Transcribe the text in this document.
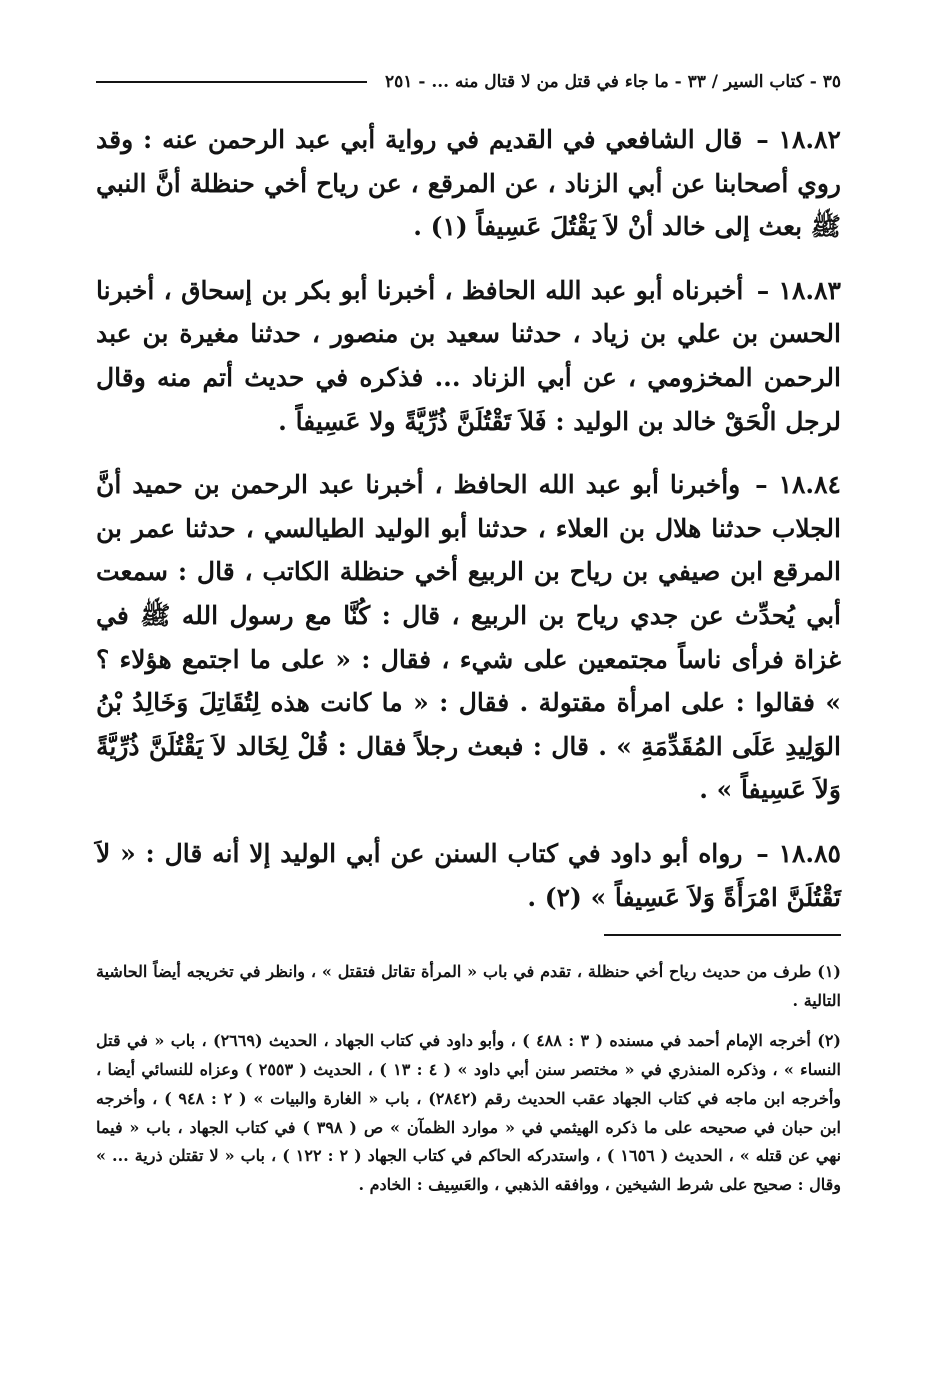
٣٥ - كتاب السير / ٣٣ - ما جاء في قتل من لا قتال منه ... - ٢٥١

١٨.٨٢ – قال الشافعي في القديم في رواية أبي عبد الرحمن عنه : وقد روي أصحابنا عن أبي الزناد ، عن المرقع ، عن رياح أخي حنظلة أنَّ النبي ﷺ بعث إلى خالد أنْ لاَ يَقْتُلَ عَسِيفاً (١) .

١٨.٨٣ – أخبرناه أبو عبد الله الحافظ ، أخبرنا أبو بكر بن إسحاق ، أخبرنا الحسن بن علي بن زياد ، حدثنا سعيد بن منصور ، حدثنا مغيرة بن عبد الرحمن المخزومي ، عن أبي الزناد ... فذكره في حديث أتم منه وقال لرجل الْحَقْ خالد بن الوليد : فَلاَ تَقْتُلَنَّ ذُرِّيَّةً ولا عَسِيفاً .

١٨.٨٤ – وأخبرنا أبو عبد الله الحافظ ، أخبرنا عبد الرحمن بن حميد أنَّ الجلاب حدثنا هلال بن العلاء ، حدثنا أبو الوليد الطيالسي ، حدثنا عمر بن المرقع ابن صيفي بن رياح بن الربيع أخي حنظلة الكاتب ، قال : سمعت أبي يُحدِّث عن جدي رياح بن الربيع ، قال : كُنَّا مع رسول الله ﷺ في غزاة فرأى ناساً مجتمعين على شيء ، فقال : « على ما اجتمع هؤلاء ؟ » فقالوا : على امرأة مقتولة . فقال : « ما كانت هذه لِتُقَاتِلَ وَخَالِدُ بْنُ الوَلِيدِ عَلَى المُقَدِّمَةِ » . قال : فبعث رجلاً فقال : قُلْ لِخَالد لاَ يَقْتُلَنَّ ذُرِّيَّةً وَلاَ عَسِيفاً » .

١٨.٨٥ – رواه أبو داود في كتاب السنن عن أبي الوليد إلا أنه قال : « لاَ تَقْتُلَنَّ امْرَأَةً وَلاَ عَسِيفاً » (٢) .

(١) طرف من حديث رياح أخي حنظلة ، تقدم في باب « المرأة تقاتل فتقتل » ، وانظر في تخريجه أيضاً الحاشية التالية .

(٢) أخرجه الإمام أحمد في مسنده ( ٣ : ٤٨٨ ) ، وأبو داود في كتاب الجهاد ، الحديث (٢٦٦٩) ، باب « في قتل النساء » ، وذكره المنذري في « مختصر سنن أبي داود » ( ٤ : ١٣ ) ، الحديث ( ٢٥٥٣ ) وعزاه للنسائي أيضا ، وأخرجه ابن ماجه في كتاب الجهاد عقب الحديث رقم (٢٨٤٢) ، باب « الغارة والبيات » ( ٢ : ٩٤٨ ) ، وأخرجه ابن حبان في صحيحه على ما ذكره الهيثمي في « موارد الظمآن » ص ( ٣٩٨ ) في كتاب الجهاد ، باب « فيما نهي عن قتله » ، الحديث ( ١٦٥٦ ) ، واستدركه الحاكم في كتاب الجهاد ( ٢ : ١٢٢ ) ، باب « لا تقتلن ذرية ... » وقال : صحيح على شرط الشيخين ، ووافقه الذهبي ، والعَسِيف : الخادم .
